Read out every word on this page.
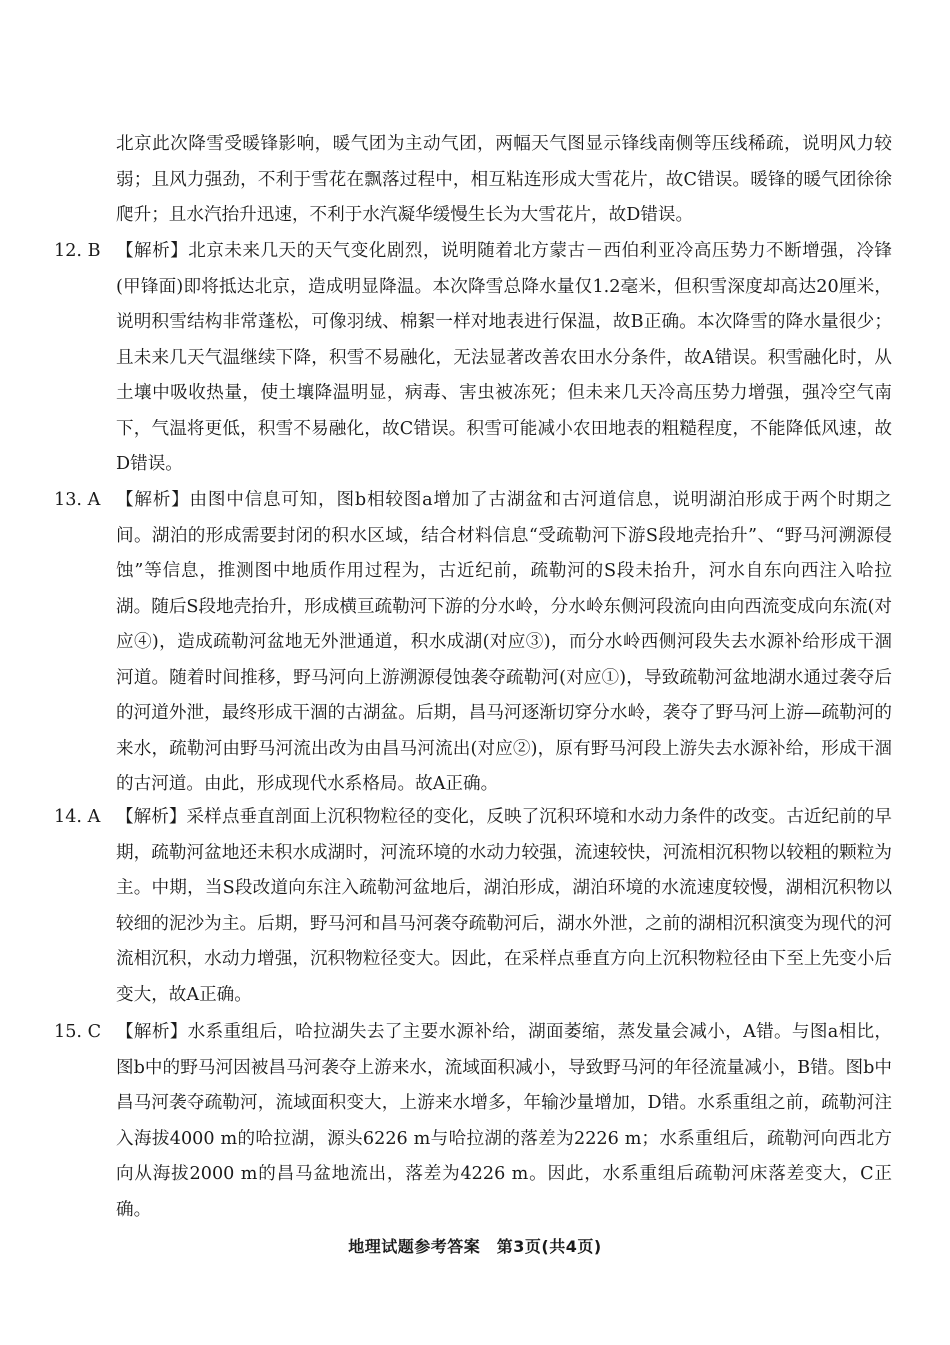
北京此次降雪受暖锋影响，暖气团为主动气团，两幅天气图显示锋线南侧等压线稀疏，说明风力较弱；且风力强劲，不利于雪花在飘落过程中，相互粘连形成大雪花片，故C错误。暖锋的暖气团徐徐爬升；且水汽抬升迅速，不利于水汽凝华缓慢生长为大雪花片，故D错误。

12. B 【解析】北京未来几天的天气变化剧烈，说明随着北方蒙古－西伯利亚冷高压势力不断增强，冷锋(甲锋面)即将抵达北京，造成明显降温。本次降雪总降水量仅1.2毫米，但积雪深度却高达20厘米，说明积雪结构非常蓬松，可像羽绒、棉絮一样对地表进行保温，故B正确。本次降雪的降水量很少；且未来几天气温继续下降，积雪不易融化，无法显著改善农田水分条件，故A错误。积雪融化时，从土壤中吸收热量，使土壤降温明显，病毒、害虫被冻死；但未来几天冷高压势力增强，强冷空气南下，气温将更低，积雪不易融化，故C错误。积雪可能减小农田地表的粗糙程度，不能降低风速，故D错误。

13. A 【解析】由图中信息可知，图b相较图a增加了古湖盆和古河道信息，说明湖泊形成于两个时期之间。湖泊的形成需要封闭的积水区域，结合材料信息“受疏勒河下游S段地壳抬升”、“野马河溯源侵蚀”等信息，推测图中地质作用过程为，古近纪前，疏勒河的S段未抬升，河水自东向西注入哈拉湖。随后S段地壳抬升，形成横亘疏勒河下游的分水岭，分水岭东侧河段流向由向西流变成向东流(对应④)，造成疏勒河盆地无外泄通道，积水成湖(对应③)，而分水岭西侧河段失去水源补给形成干涸河道。随着时间推移，野马河向上游溯源侵蚀袭夺疏勒河(对应①)，导致疏勒河盆地湖水通过袭夺后的河道外泄，最终形成干涸的古湖盆。后期，昌马河逐渐切穿分水岭，袭夺了野马河上游—疏勒河的来水，疏勒河由野马河流出改为由昌马河流出(对应②)，原有野马河段上游失去水源补给，形成干涸的古河道。由此，形成现代水系格局。故A正确。

14. A 【解析】采样点垂直剖面上沉积物粒径的变化，反映了沉积环境和水动力条件的改变。古近纪前的早期，疏勒河盆地还未积水成湖时，河流环境的水动力较强，流速较快，河流相沉积物以较粗的颗粒为主。中期，当S段改道向东注入疏勒河盆地后，湖泊形成，湖泊环境的水流速度较慢，湖相沉积物以较细的泥沙为主。后期，野马河和昌马河袭夺疏勒河后，湖水外泄，之前的湖相沉积演变为现代的河流相沉积，水动力增强，沉积物粒径变大。因此，在采样点垂直方向上沉积物粒径由下至上先变小后变大，故A正确。

15. C 【解析】水系重组后，哈拉湖失去了主要水源补给，湖面萎缩，蒸发量会减小，A错。与图a相比，图b中的野马河因被昌马河袭夺上游来水，流域面积减小，导致野马河的年径流量减小，B错。图b中昌马河袭夺疏勒河，流域面积变大，上游来水增多，年输沙量增加，D错。水系重组之前，疏勒河注入海拔4000 m的哈拉湖，源头6226 m与哈拉湖的落差为2226 m；水系重组后，疏勒河向西北方向从海拔2000 m的昌马盆地流出，落差为4226 m。因此，水系重组后疏勒河床落差变大，C正确。

地理试题参考答案　第3页(共4页)
